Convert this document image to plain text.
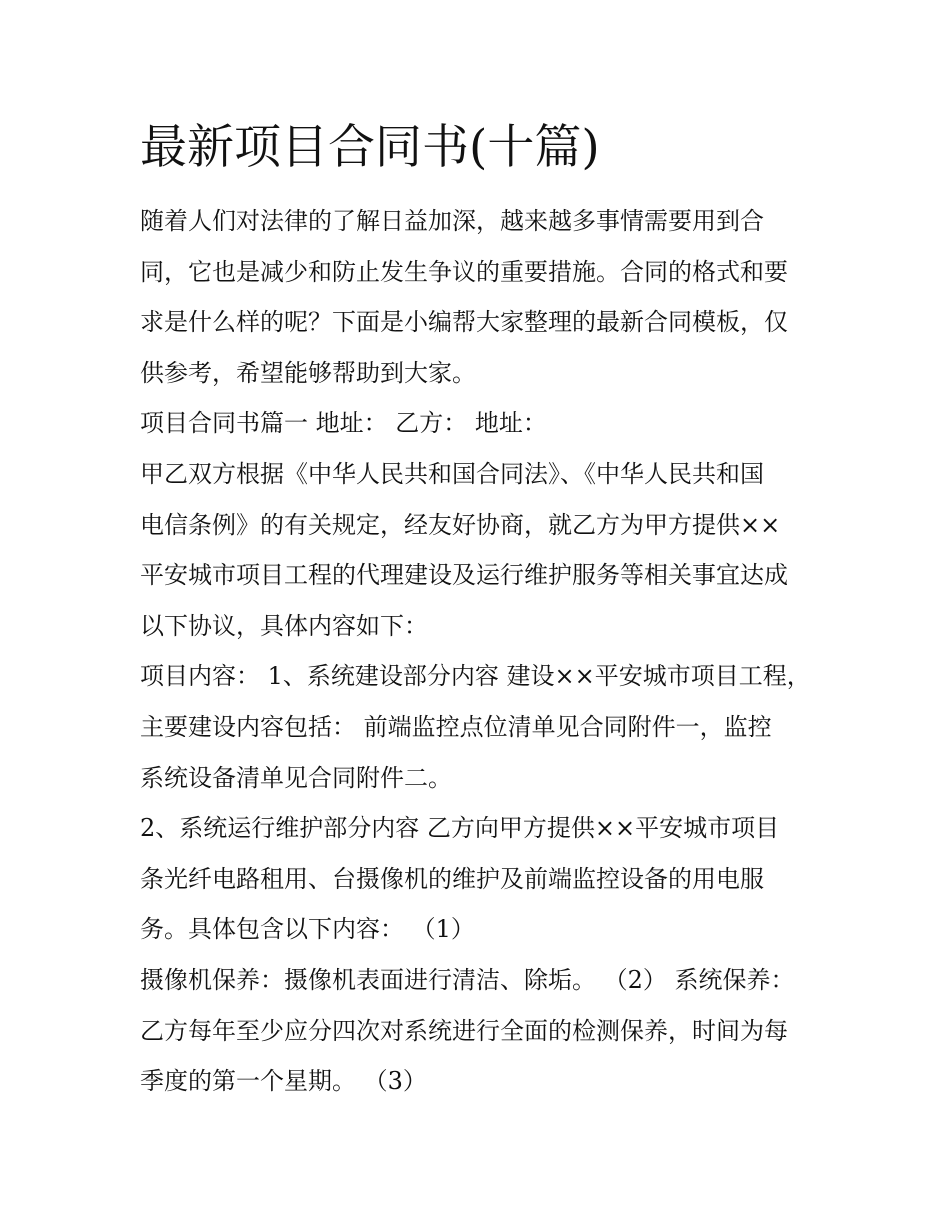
最新项目合同书(十篇)

随着人们对法律的了解日益加深，越来越多事情需要用到合
同，它也是减少和防止发生争议的重要措施。合同的格式和要
求是什么样的呢？下面是小编帮大家整理的最新合同模板，仅
供参考，希望能够帮助到大家。

项目合同书篇一 地址： 乙方： 地址：

甲乙双方根据《中华人民共和国合同法》、《中华人民共和国
电信条例》的有关规定，经友好协商，就乙方为甲方提供××
平安城市项目工程的代理建设及运行维护服务等相关事宜达成
以下协议，具体内容如下：

项目内容： 1、系统建设部分内容 建设××平安城市项目工程，
主要建设内容包括： 前端监控点位清单见合同附件一，监控
系统设备清单见合同附件二。

2、系统运行维护部分内容 乙方向甲方提供××平安城市项目
条光纤电路租用、台摄像机的维护及前端监控设备的用电服
务。具体包含以下内容： （1）

摄像机保养：摄像机表面进行清洁、除垢。 （2） 系统保养：
乙方每年至少应分四次对系统进行全面的检测保养，时间为每
季度的第一个星期。 （3）
